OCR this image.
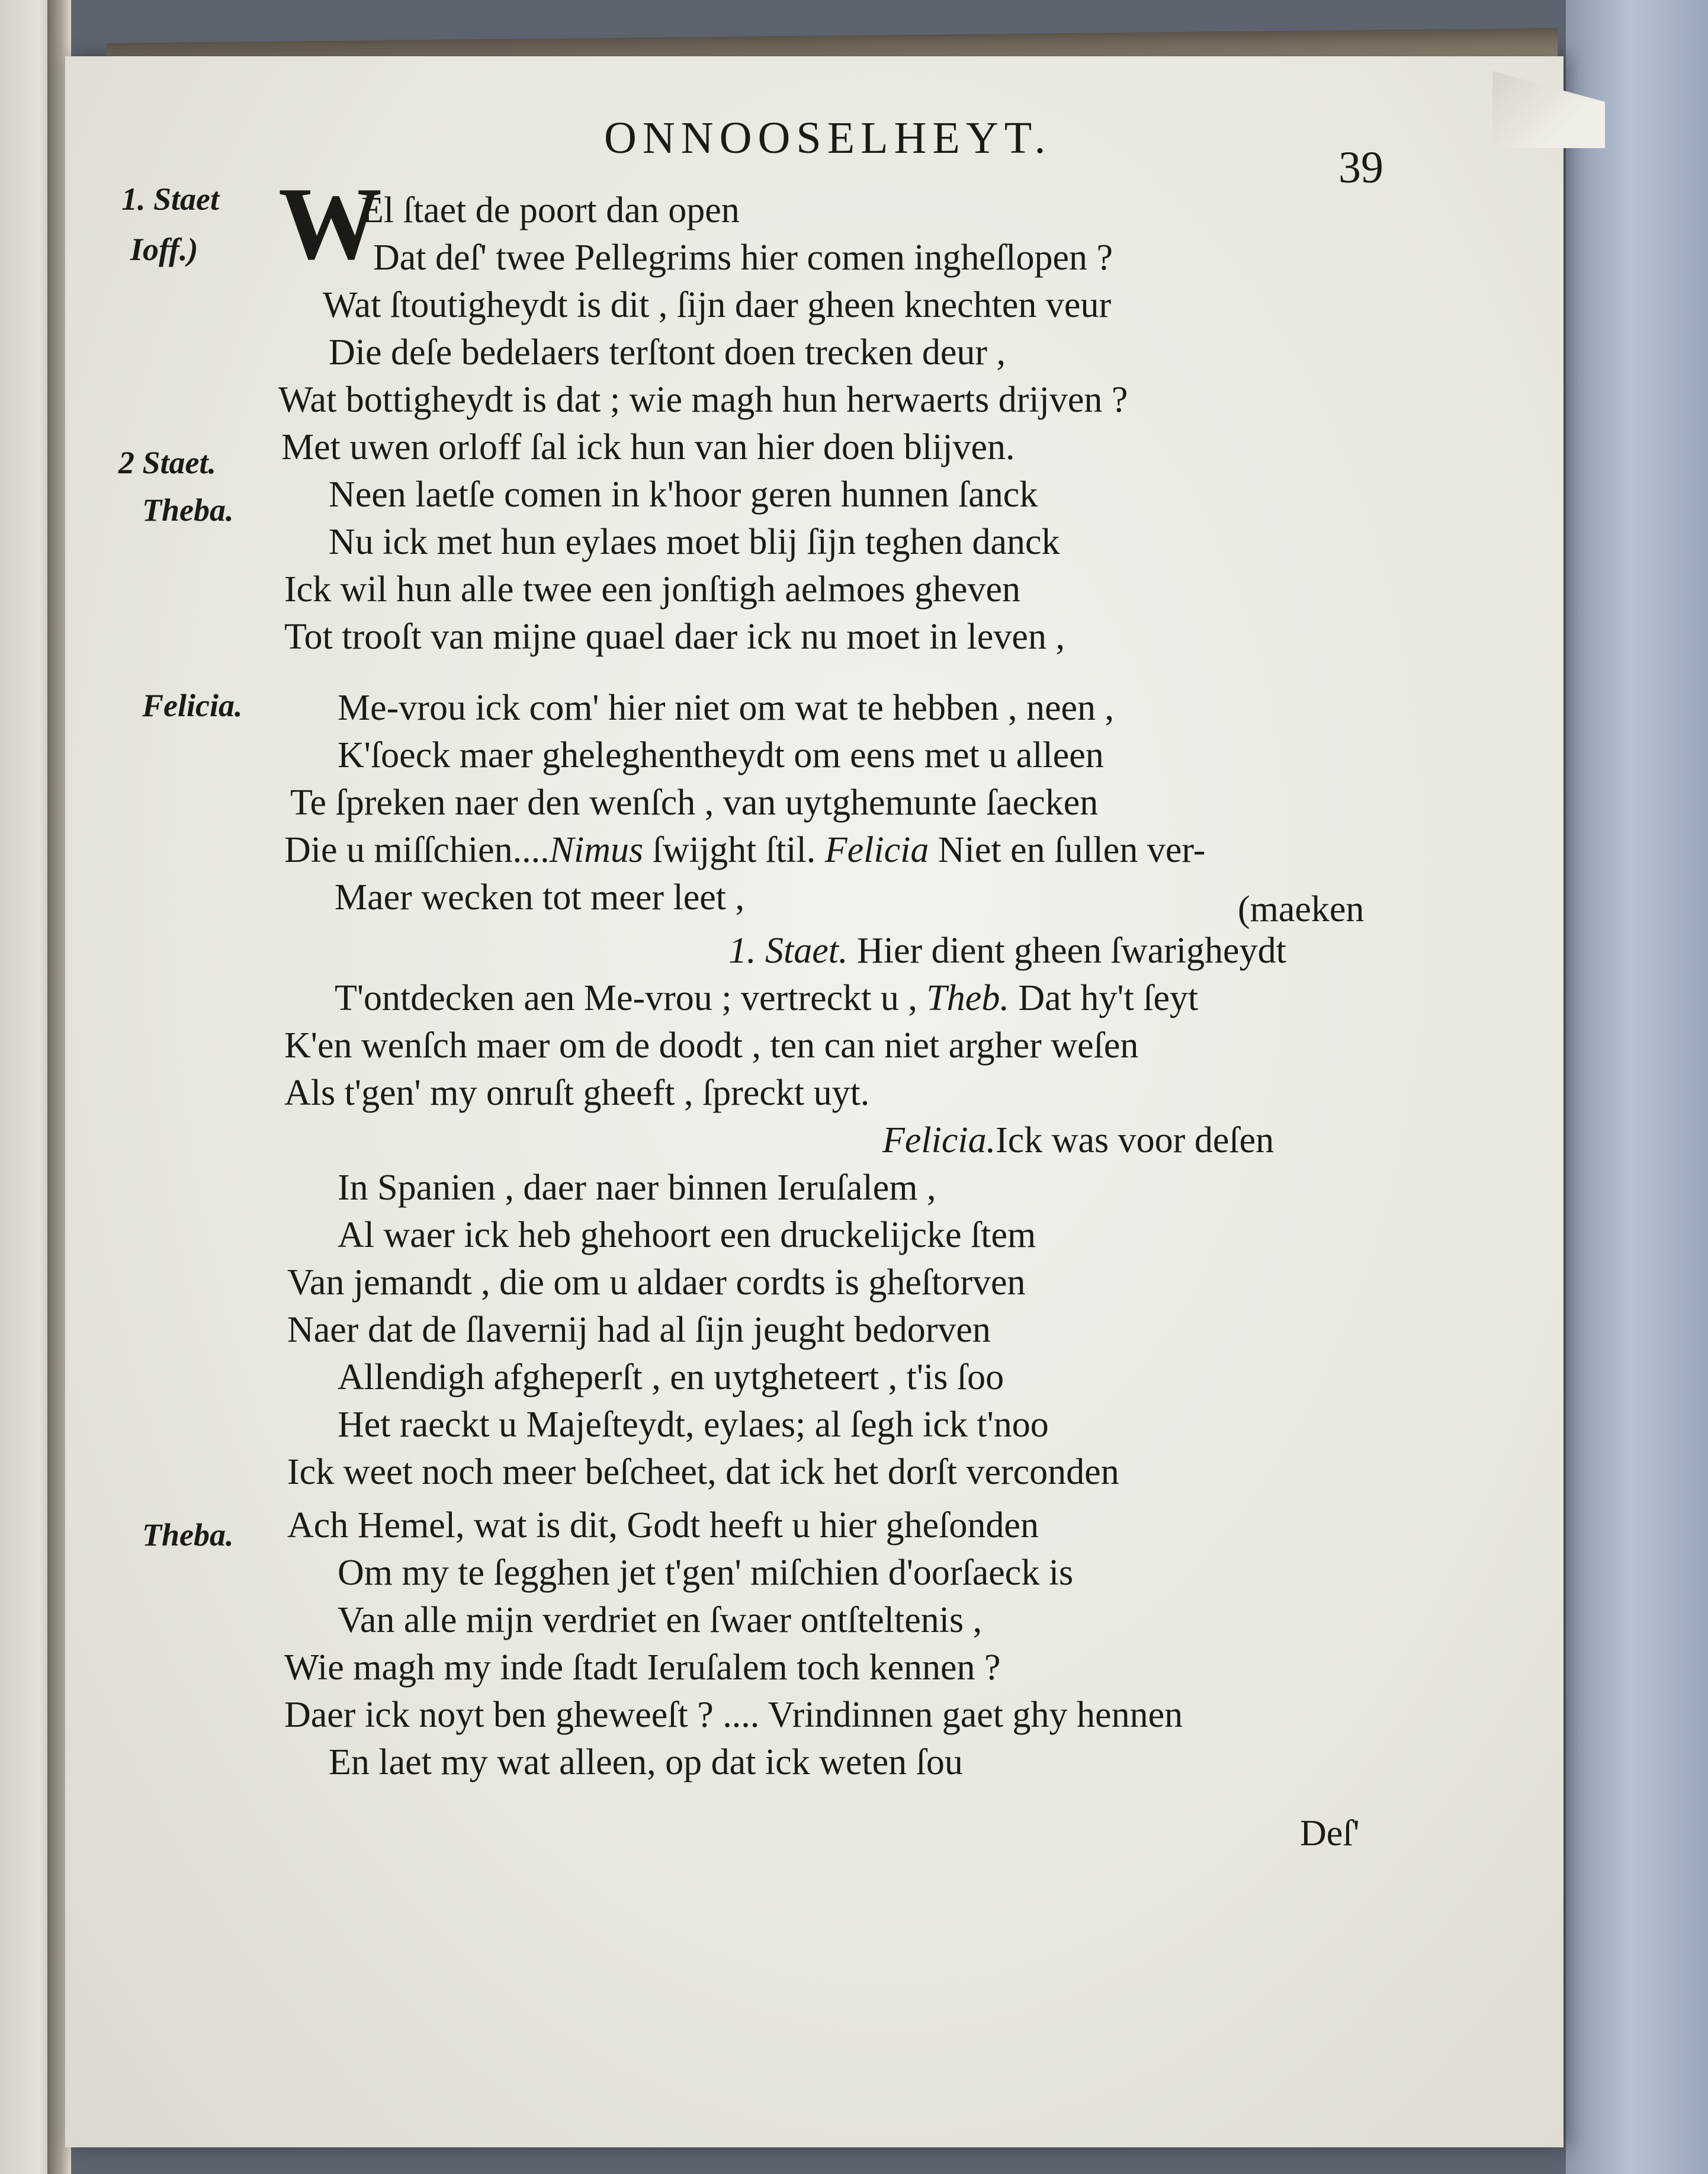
ONNOOSELHEYT.
39
1. Staet
Ioff.)
2 Staet.
Theba.
Felicia.
Theba.
W
El ſtaet de poort dan open
Dat deſ' twee Pellegrims hier comen ingheſlopen ?
Wat ſtoutigheydt is dit , ſijn daer gheen knechten veur
Die deſe bedelaers terſtont doen trecken deur ,
Wat bottigheydt is dat ; wie magh hun herwaerts drijven ?
Met uwen orloff ſal ick hun van hier doen blijven.
Neen laetſe comen in k'hoor geren hunnen ſanck
Nu ick met hun eylaes moet blij ſijn teghen danck
Ick wil hun alle twee een jonſtigh aelmoes gheven
Tot trooſt van mijne quael daer ick nu moet in leven ,
Me-vrou ick com' hier niet om wat te hebben , neen ,
K'ſoeck maer gheleghentheydt om eens met u alleen
Te ſpreken naer den wenſch , van uytghemunte ſaecken
Die u miſſchien....Nimus ſwijght ſtil. Felicia Niet en ſullen ver-
Maer wecken tot meer leet ,	(maeken
1. Staet. Hier dient gheen ſwarigheydt
T'ontdecken aen Me-vrou ; vertreckt u , Theb. Dat hy't ſeyt
K'en wenſch maer om de doodt , ten can niet argher weſen
Als t'gen' my onruſt gheeft , ſpreckt uyt.
Felicia.Ick was voor deſen
In Spanien , daer naer binnen Ieruſalem ,
Al waer ick heb ghehoort een druckelijcke ſtem
Van jemandt , die om u aldaer cordts is gheſtorven
Naer dat de ſlavernij had al ſijn jeught bedorven
Allendigh afgheperſt , en uytgheteert , t'is ſoo
Het raeckt u Majeſteydt, eylaes; al ſegh ick t'noo
Ick weet noch meer beſcheet, dat ick het dorſt verconden
Ach Hemel, wat is dit, Godt heeft u hier gheſonden
Om my te ſegghen jet t'gen' miſchien d'oorſaeck is
Van alle mijn verdriet en ſwaer ontſteltenis ,
Wie magh my inde ſtadt Ieruſalem toch kennen ?
Daer ick noyt ben gheweeſt ? .... Vrindinnen gaet ghy hennen
En laet my wat alleen, op dat ick weten ſou
Deſ'
